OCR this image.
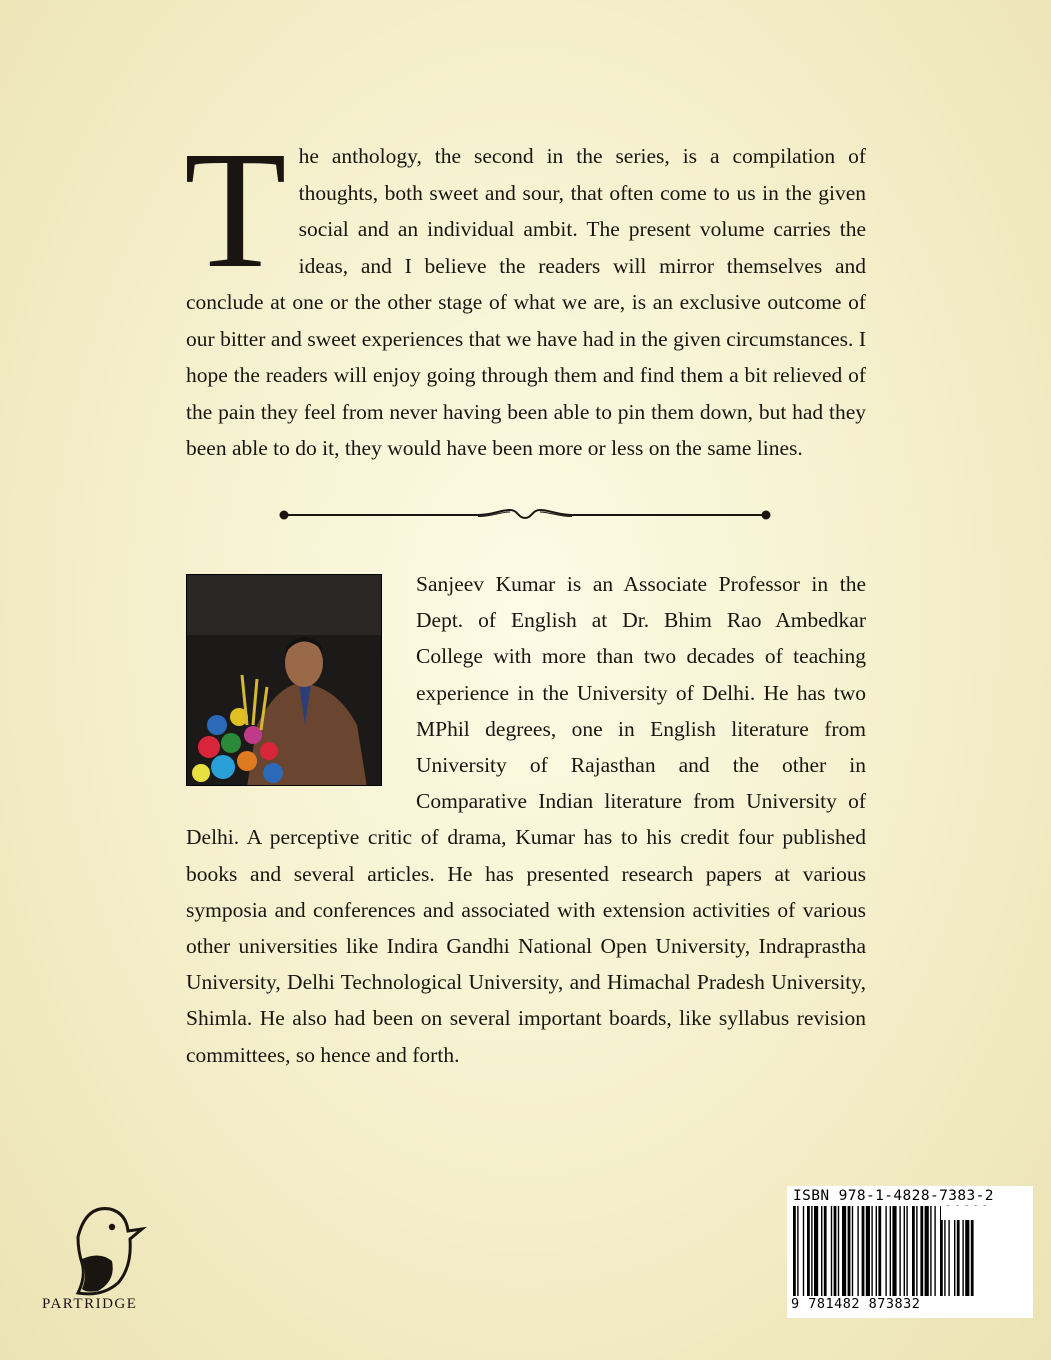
The anthology, the second in the series, is a compilation of thoughts, both sweet and sour, that often come to us in the given social and an individual ambit. The present volume carries the ideas, and I believe the readers will mirror themselves and conclude at one or the other stage of what we are, is an exclusive outcome of our bitter and sweet experiences that we have had in the given circumstances. I hope the readers will enjoy going through them and find them a bit relieved of the pain they feel from never having been able to pin them down, but had they been able to do it, they would have been more or less on the same lines.

Sanjeev Kumar is an Associate Professor in the Dept. of English at Dr. Bhim Rao Ambedkar College with more than two decades of teaching experience in the University of Delhi. He has two MPhil degrees, one in English literature from University of Rajasthan and the other in Comparative Indian literature from University of Delhi. A perceptive critic of drama, Kumar has to his credit four published books and several articles. He has presented research papers at various symposia and conferences and associated with extension activities of various other universities like Indira Gandhi National Open University, Indraprastha University, Delhi Technological University, and Himachal Pradesh University, Shimla. He also had been on several important boards, like syllabus revision committees, so hence and forth.
PARTRIDGE
ISBN 978-1-4828-7383-2
9 781482 873832
